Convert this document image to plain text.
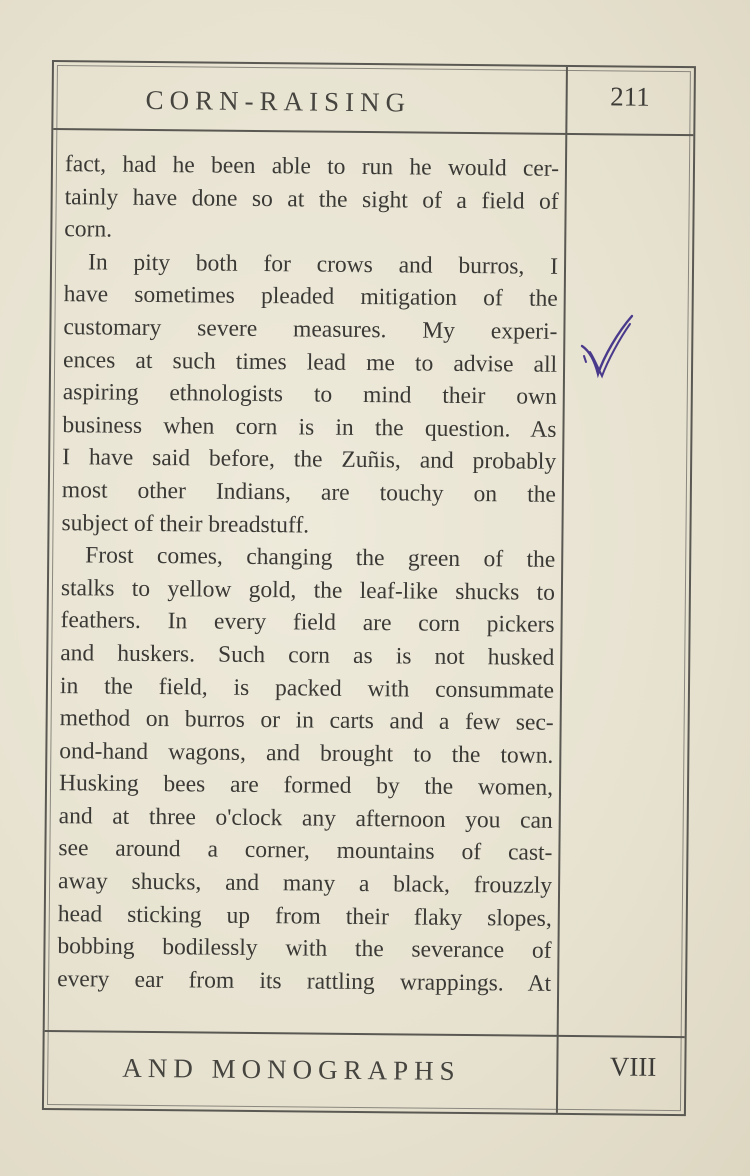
CORN-RAISING	211
fact, had he been able to run he would cer-
tainly have done so at the sight of a field of
corn.
In pity both for crows and burros, I
have sometimes pleaded mitigation of the
customary severe measures. My experi-
ences at such times lead me to advise all
aspiring ethnologists to mind their own
business when corn is in the question. As
I have said before, the Zuñis, and probably
most other Indians, are touchy on the
subject of their breadstuff.
Frost comes, changing the green of the
stalks to yellow gold, the leaf-like shucks to
feathers. In every field are corn pickers
and huskers. Such corn as is not husked
in the field, is packed with consummate
method on burros or in carts and a few sec-
ond-hand wagons, and brought to the town.
Husking bees are formed by the women,
and at three o'clock any afternoon you can
see around a corner, mountains of cast-
away shucks, and many a black, frouzzly
head sticking up from their flaky slopes,
bobbing bodilessly with the severance of
every ear from its rattling wrappings. At
AND MONOGRAPHS	VIII
